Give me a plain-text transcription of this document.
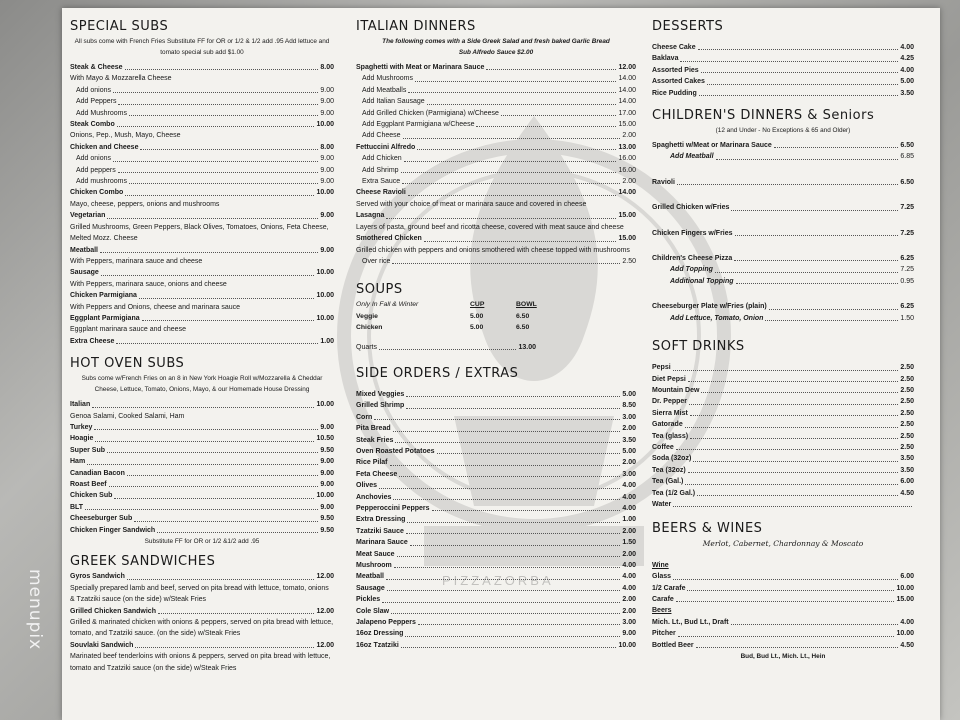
PIZZAZORBA
SPECIAL SUBS
All subs come with French Fries Substitute FF for OR or 1/2 & 1/2 add .95 Add lettuce and tomato special sub add $1.00
Steak & Cheese	8.00
With Mayo & Mozzarella Cheese
Add onions	9.00
Add Peppers	9.00
Add Mushrooms	9.00
Steak Combo	10.00
Onions, Pep., Mush, Mayo, Cheese
Chicken and Cheese	8.00
Add onions	9.00
Add peppers	9.00
Add mushrooms	9.00
Chicken Combo	10.00
Mayo, cheese, peppers, onions and mushrooms
Vegetarian	9.00
Grilled Mushrooms, Green Peppers, Black Olives, Tomatoes, Onions, Feta Cheese, Melted Mozz. Cheese
Meatball	9.00
With Peppers, marinara sauce and cheese
Sausage	10.00
With Peppers, marinara sauce, onions and cheese
Chicken Parmigiana	10.00
With Peppers and Onions, cheese and marinara sauce
Eggplant Parmigiana	10.00
Eggplant marinara sauce and cheese
Extra Cheese	1.00
HOT OVEN SUBS
Subs come w/French Fries on an 8 in New York Hoagie Roll w/Mozzarella & Cheddar Cheese, Lettuce, Tomato, Onions, Mayo, & our Homemade House Dressing
Italian	10.00
Genoa Salami, Cooked Salami, Ham
Turkey	9.00
Hoagie	10.50
Super Sub	9.50
Ham	9.00
Canadian Bacon	9.00
Roast Beef	9.00
Chicken Sub	10.00
BLT	9.00
Cheeseburger Sub	9.50
Chicken Finger Sandwich	9.50
Substitute FF for OR or 1/2 &1/2 add .95
GREEK SANDWICHES
Gyros Sandwich	12.00
Specially prepared lamb and beef, served on pita bread with lettuce, tomato, onions & Tzatziki sauce (on the side) w/Steak Fries
Grilled Chicken Sandwich	12.00
Grilled & marinated chicken with onions & peppers, served on pita bread with lettuce, tomato, and Tzatziki sauce. (on the side) w/Steak Fries
Souvlaki Sandwich	12.00
Marinated beef tenderloins with onions & peppers, served on pita bread with lettuce, tomato and Tzatziki sauce (on the side) w/Steak Fries
ITALIAN DINNERS
The following comes with a Side Greek Salad and fresh baked Garlic Bread
Sub Alfredo Sauce $2.00
Spaghetti with Meat or Marinara Sauce	12.00
Add Mushrooms	14.00
Add Meatballs	14.00
Add Italian Sausage	14.00
Add Grilled Chicken (Parmigiana) w/Cheese	17.00
Add Eggplant Parmigiana w/Cheese	15.00
Add Cheese	2.00
Fettuccini Alfredo	13.00
Add Chicken	16.00
Add Shrimp	16.00
Extra Sauce	2.00
Cheese Ravioli	14.00
Served with your choice of meat or marinara sauce and covered in cheese
Lasagna	15.00
Layers of pasta, ground beef and ricotta cheese, covered with meat sauce and cheese
Smothered Chicken	15.00
Grilled chicken with peppers and onions smothered with cheese topped with mushrooms
Over rice	2.50
SOUPS
Only In Fall & Winter	CUP	BOWL
Veggie	5.00	6.50
Chicken	5.00	6.50
Quarts	13.00
SIDE ORDERS / EXTRAS
Mixed Veggies	5.00
Grilled Shrimp	8.50
Corn	3.00
Pita Bread	2.00
Steak Fries	3.50
Oven Roasted Potatoes	5.00
Rice Pilaf	2.00
Feta Cheese	3.00
Olives	4.00
Anchovies	4.00
Pepperoccini Peppers	4.00
Extra Dressing	1.00
Tzatziki Sauce	2.00
Marinara Sauce	1.50
Meat Sauce	2.00
Mushroom	4.00
Meatball	4.00
Sausage	4.00
Pickles	2.00
Cole Slaw	2.00
Jalapeno Peppers	3.00
16oz Dressing	9.00
16oz Tzatziki	10.00
DESSERTS
Cheese Cake	4.00
Baklava	4.25
Assorted Pies	4.00
Assorted Cakes	5.00
Rice Pudding	3.50
CHILDREN'S DINNERS & Seniors
(12 and Under - No Exceptions & 65 and Older)
Spaghetti w/Meat or Marinara Sauce	6.50
Add Meatball	6.85
Ravioli	6.50
Grilled Chicken w/Fries	7.25
Chicken Fingers w/Fries	7.25
Children's Cheese Pizza	6.25
Add Topping	7.25
Additional Topping	0.95
Cheeseburger Plate w/Fries (plain)	6.25
Add Lettuce, Tomato, Onion	1.50
SOFT DRINKS
Pepsi	2.50
Diet Pepsi	2.50
Mountain Dew	2.50
Dr. Pepper	2.50
Sierra Mist	2.50
Gatorade	2.50
Tea (glass)	2.50
Coffee	2.50
Soda (32oz)	3.50
Tea (32oz)	3.50
Tea (Gal.)	6.00
Tea (1/2 Gal.)	4.50
Water
BEERS & WINES
Merlot, Cabernet, Chardonnay & Moscato
Wine
Glass	6.00
1/2 Carafe	10.00
Carafe	15.00
Beers
Mich. Lt., Bud Lt., Draft	4.00
Pitcher	10.00
Bottled Beer	4.50
Bud, Bud Lt., Mich. Lt., Hein
menupix
